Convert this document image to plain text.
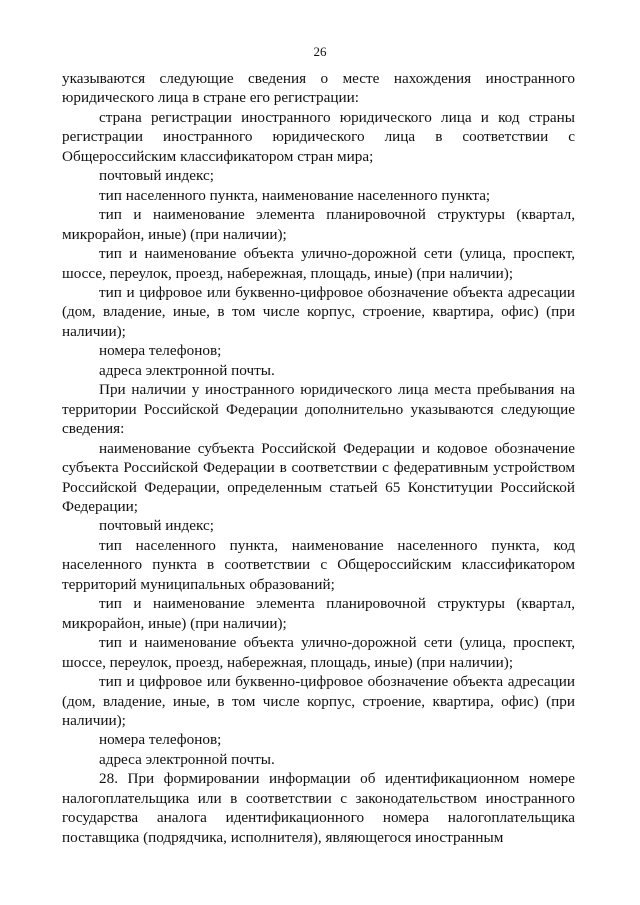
26

указываются следующие сведения о месте нахождения иностранного юридического лица в стране его регистрации:

страна регистрации иностранного юридического лица и код страны регистрации иностранного юридического лица в соответствии с Общероссийским классификатором стран мира;

почтовый индекс;

тип населенного пункта, наименование населенного пункта;

тип и наименование элемента планировочной структуры (квартал, микрорайон, иные) (при наличии);

тип и наименование объекта улично-дорожной сети (улица, проспект, шоссе, переулок, проезд, набережная, площадь, иные) (при наличии);

тип и цифровое или буквенно-цифровое обозначение объекта адресации (дом, владение, иные, в том числе корпус, строение, квартира, офис) (при наличии);

номера телефонов;

адреса электронной почты.

При наличии у иностранного юридического лица места пребывания на территории Российской Федерации дополнительно указываются следующие сведения:

наименование субъекта Российской Федерации и кодовое обозначение субъекта Российской Федерации в соответствии с федеративным устройством Российской Федерации, определенным статьей 65 Конституции Российской Федерации;

почтовый индекс;

тип населенного пункта, наименование населенного пункта, код населенного пункта в соответствии с Общероссийским классификатором территорий муниципальных образований;

тип и наименование элемента планировочной структуры (квартал, микрорайон, иные) (при наличии);

тип и наименование объекта улично-дорожной сети (улица, проспект, шоссе, переулок, проезд, набережная, площадь, иные) (при наличии);

тип и цифровое или буквенно-цифровое обозначение объекта адресации (дом, владение, иные, в том числе корпус, строение, квартира, офис) (при наличии);

номера телефонов;

адреса электронной почты.

28. При формировании информации об идентификационном номере налогоплательщика или в соответствии с законодательством иностранного государства аналога идентификационного номера налогоплательщика поставщика (подрядчика, исполнителя), являющегося иностранным
